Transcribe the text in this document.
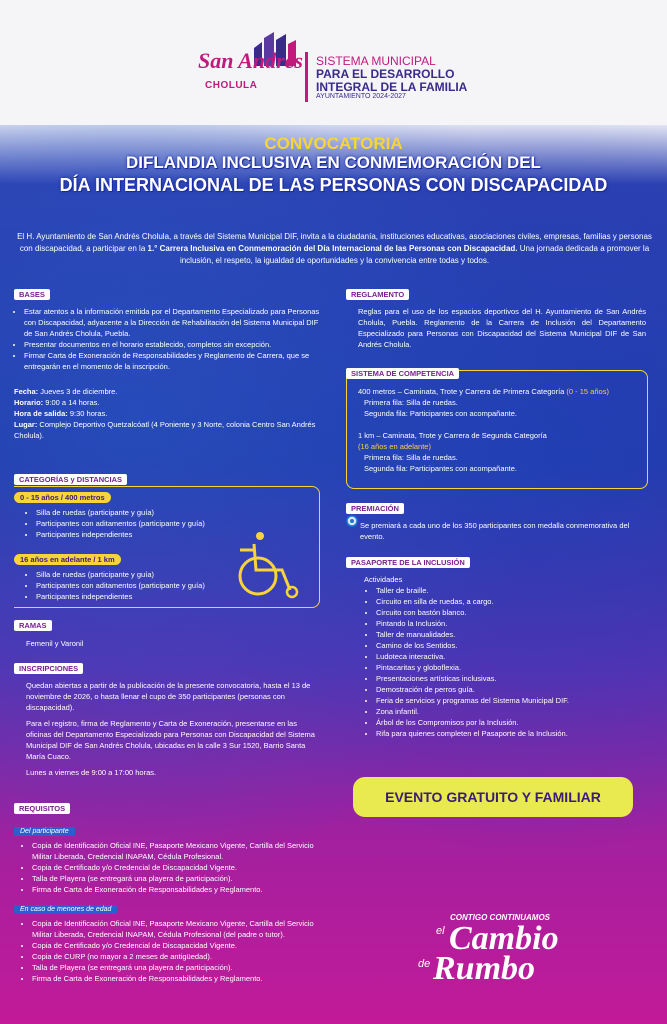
San Andrés
CHOLULA
SISTEMA MUNICIPAL
PARA EL DESARROLLO
INTEGRAL DE LA FAMILIA
AYUNTAMIENTO 2024-2027
CONVOCATORIA
DIFLANDIA INCLUSIVA EN CONMEMORACIÓN DEL
DÍA INTERNACIONAL DE LAS PERSONAS CON DISCAPACIDAD
El H. Ayuntamiento de San Andrés Cholula, a través del Sistema Municipal DIF, invita a la ciudadanía, instituciones educativas, asociaciones civiles, empresas, familias y personas con discapacidad, a participar en la 1.° Carrera Inclusiva en Conmemoración del Día Internacional de las Personas con Discapacidad. Una jornada dedicada a promover la inclusión, el respeto, la igualdad de oportunidades y la convivencia entre todas y todos.
BASES
• Estar atentos a la información emitida por el Departamento Especializado para Personas con Discapacidad, adyacente a la Dirección de Rehabilitación del Sistema Municipal DIF de San Andrés Cholula, Puebla.
• Presentar documentos en el horario establecido, completos sin excepción.
• Firmar Carta de Exoneración de Responsabilidades y Reglamento de Carrera, que se entregarán en el momento de la inscripción.
Fecha: Jueves 3 de diciembre.
Horario: 9:00 a 14 horas.
Hora de salida: 9:30 horas.
Lugar: Complejo Deportivo Quetzalcóatl (4 Poniente y 3 Norte, colonia Centro San Andrés Cholula).
CATEGORÍAS y DISTANCIAS
0 - 15 años / 400 metros
• Silla de ruedas (participante y guía)
• Participantes con aditamentos (participante y guía)
• Participantes independientes
16 años en adelante / 1 km
• Silla de ruedas (participante y guía)
• Participantes con aditamentos (participante y guía)
• Participantes independientes
RAMAS
Femenil y Varonil
INSCRIPCIONES
Quedan abiertas a partir de la publicación de la presente convocatoria, hasta el 13 de noviembre de 2026, o hasta llenar el cupo de 350 participantes (personas con discapacidad).
Para el registro, firma de Reglamento y Carta de Exoneración, presentarse en las oficinas del Departamento Especializado para Personas con Discapacidad del Sistema Municipal DIF de San Andrés Cholula, ubicadas en la calle 3 Sur 1520, Barrio Santa María Cuaco.
Lunes a viernes de 9:00 a 17:00 horas.
REQUISITOS
Del participante
• Copia de Identificación Oficial INE, Pasaporte Mexicano Vigente, Cartilla del Servicio Militar Liberada, Credencial INAPAM, Cédula Profesional.
• Copia de Certificado y/o Credencial de Discapacidad Vigente.
• Talla de Playera (se entregará una playera de participación).
• Firma de Carta de Exoneración de Responsabilidades y Reglamento.
En caso de menores de edad
• Copia de Identificación Oficial INE, Pasaporte Mexicano Vigente, Cartilla del Servicio Militar Liberada, Credencial INAPAM, Cédula Profesional (del padre o tutor).
• Copia de Certificado y/o Credencial de Discapacidad Vigente.
• Copia de CURP (no mayor a 2 meses de antigüedad).
• Talla de Playera (se entregará una playera de participación).
• Firma de Carta de Exoneración de Responsabilidades y Reglamento.
REGLAMENTO
Reglas para el uso de los espacios deportivos del H. Ayuntamiento de San Andrés Cholula, Puebla. Reglamento de la Carrera de Inclusión del Departamento Especializado para Personas con Discapacidad del Sistema Municipal DIF de San Andrés Cholula.
SISTEMA DE COMPETENCIA
400 metros – Caminata, Trote y Carrera de Primera Categoría (0 - 15 años)
Primera fila: Silla de ruedas.
Segunda fila: Participantes con acompañante.
1 km – Caminata, Trote y Carrera de Segunda Categoría
(16 años en adelante)
Primera fila: Silla de ruedas.
Segunda fila: Participantes con acompañante.
PREMIACIÓN
Se premiará a cada uno de los 350 participantes con medalla conmemorativa del evento.
PASAPORTE DE LA INCLUSIÓN
Actividades
• Taller de braille.
• Circuito en silla de ruedas, a cargo.
• Circuito con bastón blanco.
• Pintando la Inclusión.
• Taller de manualidades.
• Camino de los Sentidos.
• Ludoteca interactiva.
• Pintacaritas y globoflexia.
• Presentaciones artísticas inclusivas.
• Demostración de perros guía.
• Feria de servicios y programas del Sistema Municipal DIF.
• Zona infantil.
• Árbol de los Compromisos por la Inclusión.
• Rifa para quienes completen el Pasaporte de la Inclusión.
EVENTO GRATUITO Y FAMILIAR
CONTIGO CONTINUAMOS
el Cambio
de Rumbo
